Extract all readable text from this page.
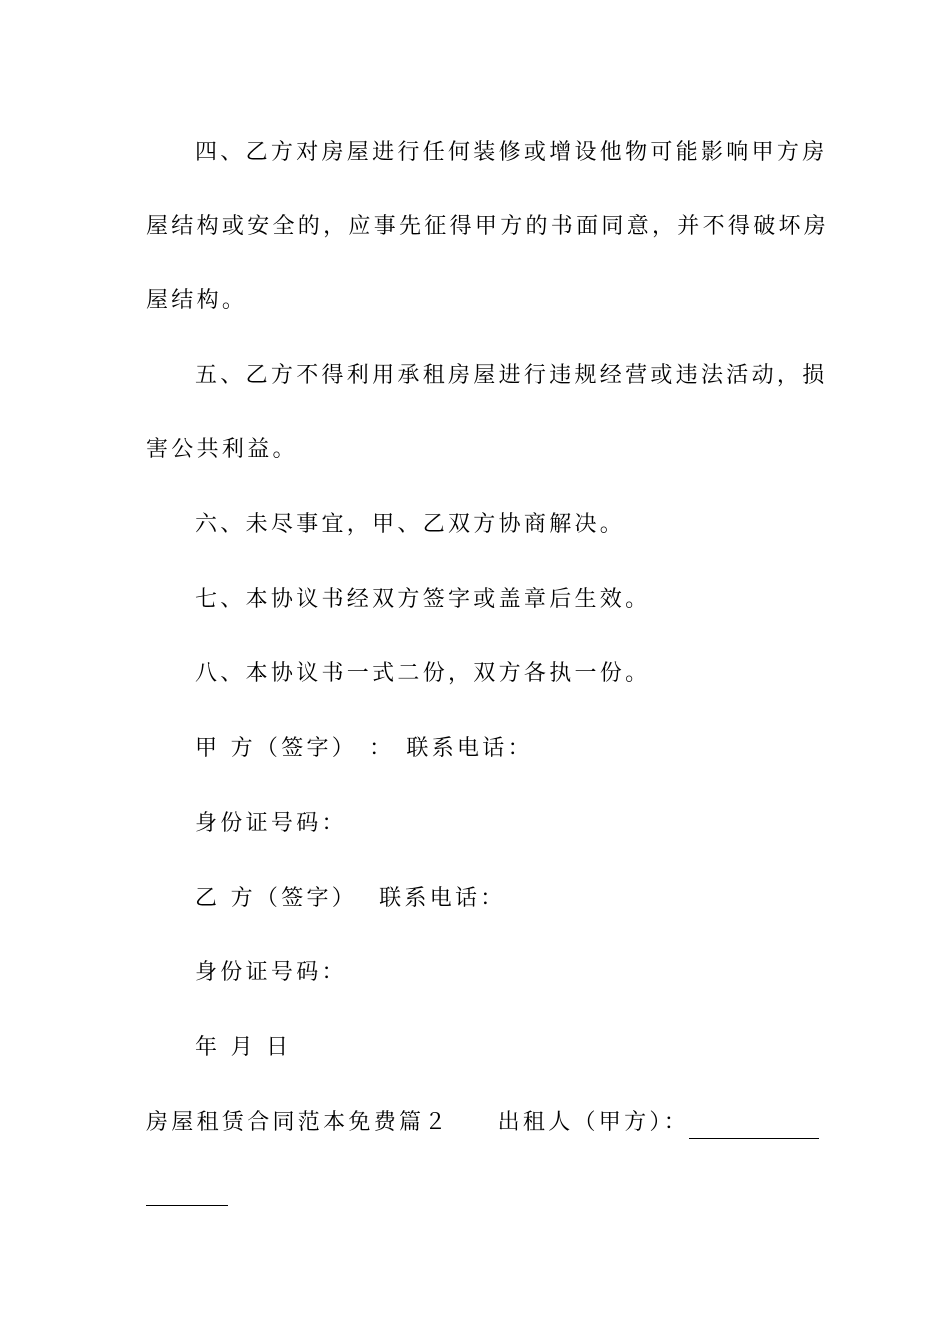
四、乙方对房屋进行任何装修或增设他物可能影响甲方房

屋结构或安全的，应事先征得甲方的书面同意，并不得破坏房

屋结构。

五、乙方不得利用承租房屋进行违规经营或违法活动，损

害公共利益。

六、未尽事宜，甲、乙双方协商解决。

七、本协议书经双方签字或盖章后生效。

八、本协议书一式二份，双方各执一份。

甲 方（签字） ： 联系电话：

身份证号码：

乙 方（签字） 联系电话：

身份证号码：

年 月 日

房屋租赁合同范本免费篇２ 出租人（甲方）：
